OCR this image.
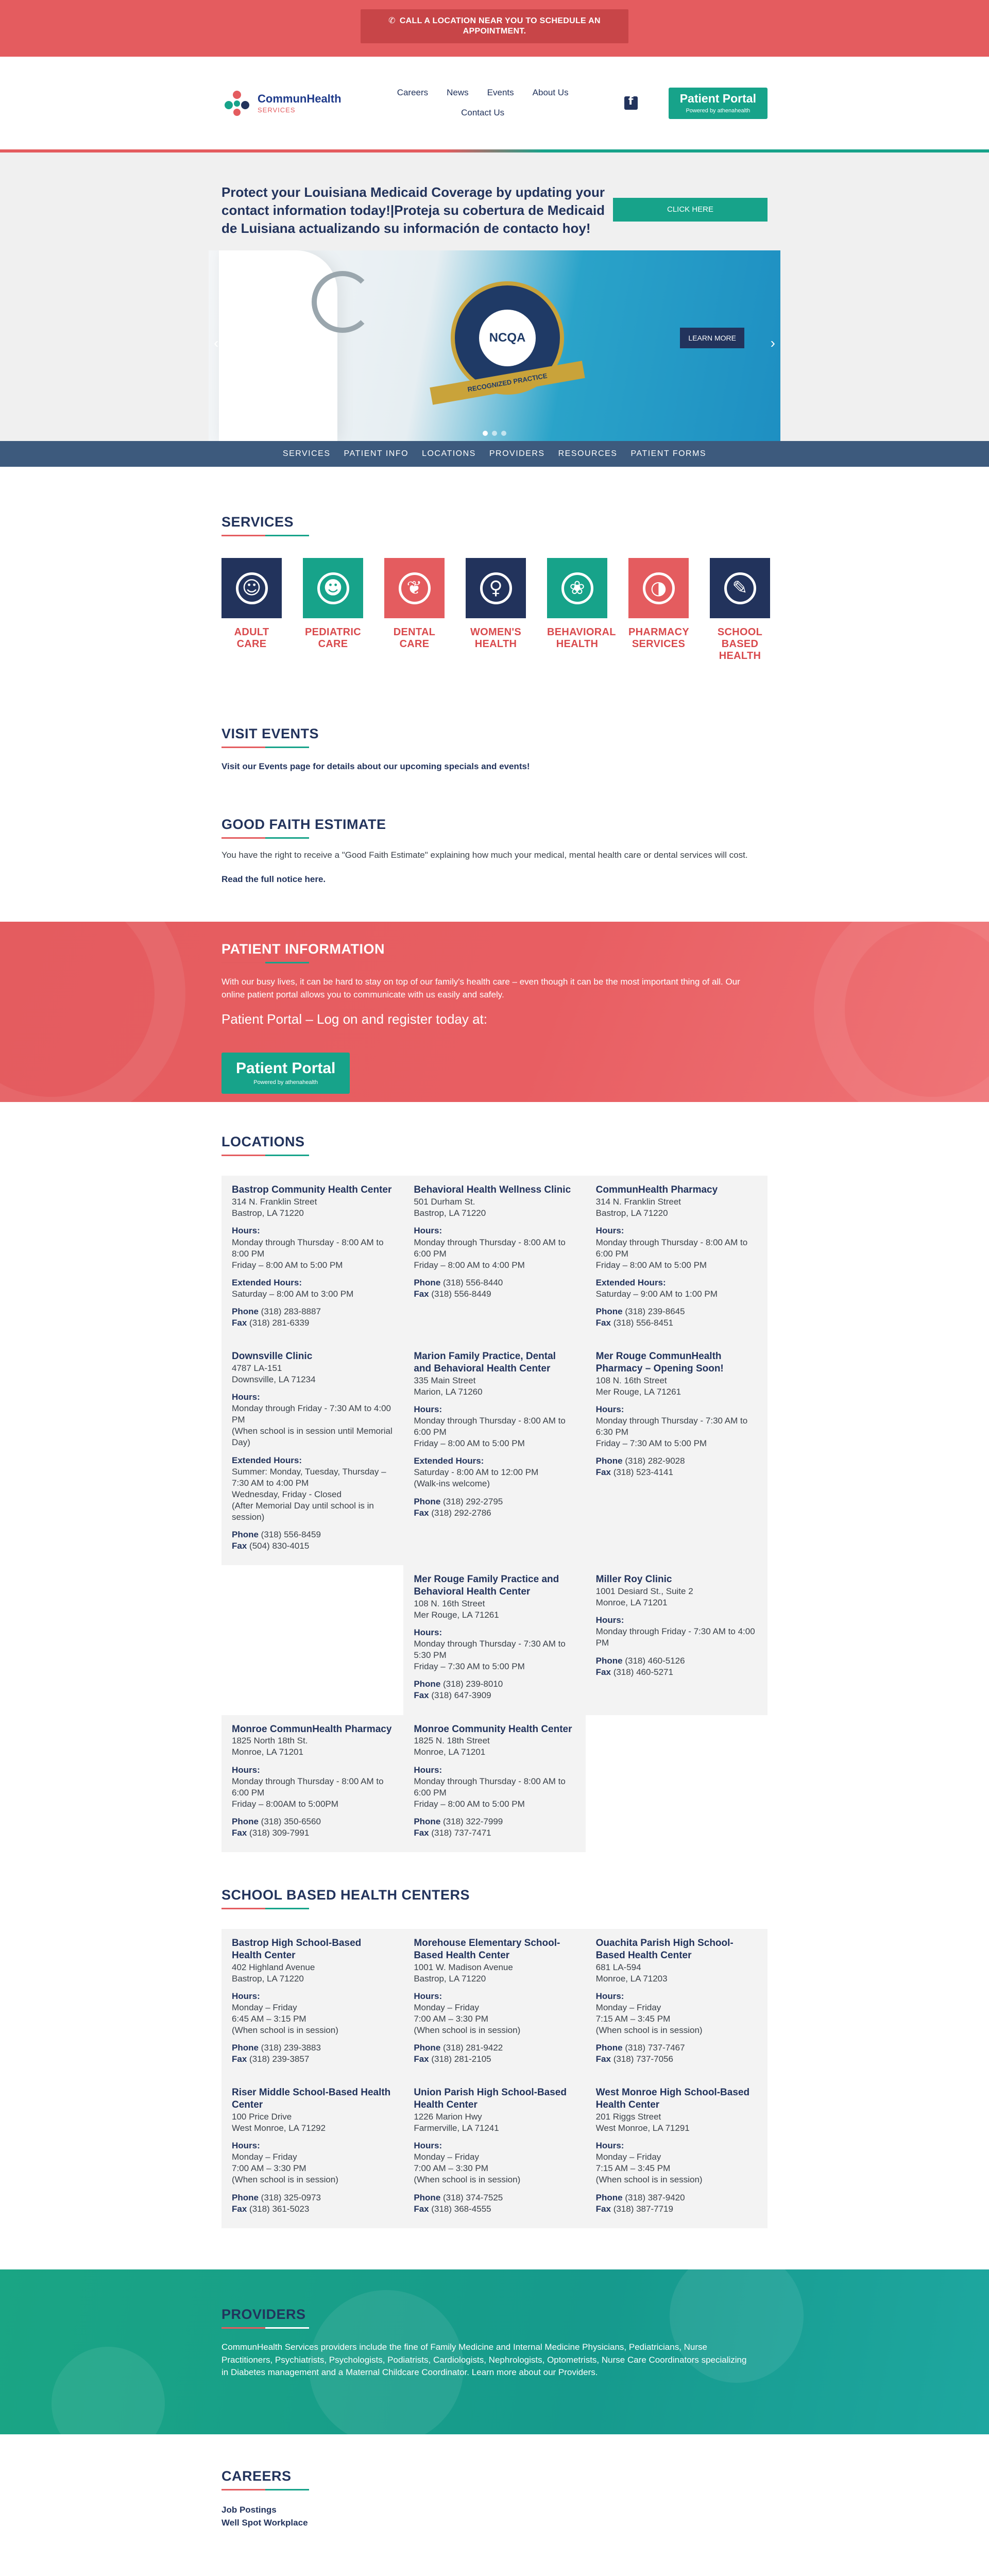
✆ CALL A LOCATION NEAR YOU TO SCHEDULE AN APPOINTMENT.
CommunHealth
SERVICES
Careers News Events About Us
Contact Us
f	Patient Portal
Powered by athenahealth
Protect your Louisiana Medicaid Coverage by updating your contact information today!|Proteja su cobertura de Medicaid de Luisiana actualizando su información de contacto hoy!
CLICK HERE
NCQA
RECOGNIZED PRACTICE
LEARN MORE
‹	›
SERVICES PATIENT INFO LOCATIONS PROVIDERS RESOURCES PATIENT FORMS
SERVICES
☺
ADULT CARE
☻
PEDIATRIC CARE
❦
DENTAL CARE
♀
WOMEN'S HEALTH
❀
BEHAVIORAL HEALTH
◑
PHARMACY SERVICES
✎
SCHOOL BASED HEALTH
VISIT EVENTS

Visit our Events page for details about our upcoming specials and events!

GOOD FAITH ESTIMATE

You have the right to receive a "Good Faith Estimate" explaining how much your medical, mental health care or dental services will cost.

Read the full notice here.

PATIENT INFORMATION

With our busy lives, it can be hard to stay on top of our family's health care – even though it can be the most important thing of all. Our online patient portal allows you to communicate with us easily and safely.

Patient Portal – Log on and register today at:

Patient Portal
Powered by athenahealth
LOCATIONS
Bastrop Community Health Center
314 N. Franklin Street
Bastrop, LA 71220
Hours:
Monday through Thursday - 8:00 AM to 8:00 PM
Friday – 8:00 AM to 5:00 PM
Extended Hours:
Saturday – 8:00 AM to 3:00 PM
Phone (318) 283-8887
Fax (318) 281-6339
Behavioral Health Wellness Clinic
501 Durham St.
Bastrop, LA 71220
Hours:
Monday through Thursday - 8:00 AM to 6:00 PM
Friday – 8:00 AM to 4:00 PM
Phone (318) 556-8440
Fax (318) 556-8449
CommunHealth Pharmacy
314 N. Franklin Street
Bastrop, LA 71220
Hours:
Monday through Thursday - 8:00 AM to 6:00 PM
Friday – 8:00 AM to 5:00 PM
Extended Hours:
Saturday – 9:00 AM to 1:00 PM
Phone (318) 239-8645
Fax (318) 556-8451
Downsville Clinic
4787 LA-151
Downsville, LA 71234
Hours:
Monday through Friday - 7:30 AM to 4:00 PM
(When school is in session until Memorial Day)
Extended Hours:
Summer: Monday, Tuesday, Thursday – 7:30 AM to 4:00 PM
Wednesday, Friday - Closed
(After Memorial Day until school is in session)
Phone (318) 556-8459
Fax (504) 830-4015
Marion Family Practice, Dental and Behavioral Health Center
335 Main Street
Marion, LA 71260
Hours:
Monday through Thursday - 8:00 AM to 6:00 PM
Friday – 8:00 AM to 5:00 PM
Extended Hours:
Saturday - 8:00 AM to 12:00 PM
(Walk-ins welcome)
Phone (318) 292-2795
Fax (318) 292-2786
Mer Rouge CommunHealth Pharmacy – Opening Soon!
108 N. 16th Street
Mer Rouge, LA 71261
Hours:
Monday through Thursday - 7:30 AM to 6:30 PM
Friday – 7:30 AM to 5:00 PM
Phone (318) 282-9028
Fax (318) 523-4141
Mer Rouge Family Practice and Behavioral Health Center
108 N. 16th Street
Mer Rouge, LA 71261
Hours:
Monday through Thursday - 7:30 AM to 5:30 PM
Friday – 7:30 AM to 5:00 PM
Phone (318) 239-8010
Fax (318) 647-3909
Miller Roy Clinic
1001 Desiard St., Suite 2
Monroe, LA 71201
Hours:
Monday through Friday - 7:30 AM to 4:00 PM
Phone (318) 460-5126
Fax (318) 460-5271
Monroe CommunHealth Pharmacy
1825 North 18th St.
Monroe, LA 71201
Hours:
Monday through Thursday - 8:00 AM to 6:00 PM
Friday – 8:00AM to 5:00PM
Phone (318) 350-6560
Fax (318) 309-7991
Monroe Community Health Center
1825 N. 18th Street
Monroe, LA 71201
Hours:
Monday through Thursday - 8:00 AM to 6:00 PM
Friday – 8:00 AM to 5:00 PM
Phone (318) 322-7999
Fax (318) 737-7471
SCHOOL BASED HEALTH CENTERS
Bastrop High School-Based Health Center
402 Highland Avenue
Bastrop, LA 71220
Hours:
Monday – Friday
6:45 AM – 3:15 PM
(When school is in session)
Phone (318) 239-3883
Fax (318) 239-3857
Morehouse Elementary School-Based Health Center
1001 W. Madison Avenue
Bastrop, LA 71220
Hours:
Monday – Friday
7:00 AM – 3:30 PM
(When school is in session)
Phone (318) 281-9422
Fax (318) 281-2105
Ouachita Parish High School-Based Health Center
681 LA-594
Monroe, LA 71203
Hours:
Monday – Friday
7:15 AM – 3:45 PM
(When school is in session)
Phone (318) 737-7467
Fax (318) 737-7056
Riser Middle School-Based Health Center
100 Price Drive
West Monroe, LA 71292
Hours:
Monday – Friday
7:00 AM – 3:30 PM
(When school is in session)
Phone (318) 325-0973
Fax (318) 361-5023
Union Parish High School-Based Health Center
1226 Marion Hwy
Farmerville, LA 71241
Hours:
Monday – Friday
7:00 AM – 3:30 PM
(When school is in session)
Phone (318) 374-7525
Fax (318) 368-4555
West Monroe High School-Based Health Center
201 Riggs Street
West Monroe, LA 71291
Hours:
Monday – Friday
7:15 AM – 3:45 PM
(When school is in session)
Phone (318) 387-9420
Fax (318) 387-7719
PROVIDERS

CommunHealth Services providers include the fine of Family Medicine and Internal Medicine Physicians, Pediatricians, Nurse Practitioners, Psychiatrists, Psychologists, Podiatrists, Cardiologists, Nephrologists, Optometrists, Nurse Care Coordinators specializing in Diabetes management and a Maternal Childcare Coordinator. Learn more about our Providers.

CAREERS
Job Postings
Well Spot Workplace
